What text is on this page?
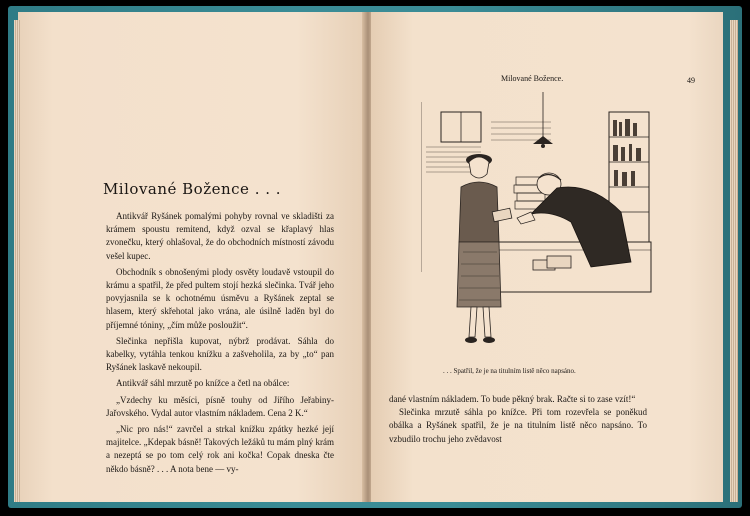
Milované Božence . . .

Antikvář Ryšánek pomalými pohyby rovnal ve skladišti za krámem spoustu remitend, když ozval se křaplavý hlas zvonečku, který ohlašoval, že do obchodních místností závodu vešel kupec.

Obchodník s obnošenými plody osvěty loudavě vstoupil do krámu a spatřil, že před pultem stojí hezká slečinka. Tvář jeho povyjasnila se k ochotnému úsměvu a Ryšánek zeptal se hlasem, který skřehotal jako vrána, ale úsilně laděn byl do příjemné tóniny, „čím může posloužit“.

Slečinka nepřišla kupovat, nýbrž prodávat. Sáhla do kabelky, vytáhla tenkou knížku a zašveholila, za by „to“ pan Ryšánek laskavě nekoupil.

Antikvář sáhl mrzutě po knížce a četl na obálce:

„Vzdechy ku měsíci, písně touhy od Jiřího Jeřabiny-Jařovského. Vydal autor vlastním nákladem. Cena 2 K.“

„Nic pro nás!“ zavrčel a strkal knížku zpátky hezké její majitelce. „Kdepak básně! Takových ležáků tu mám plný krám a nezeptá se po tom celý rok ani kočka! Copak dneska čte někdo básně? . . . A nota bene — vy-

Milované Božence.	49
. . . Spatřil, že je na titulním listě něco napsáno.

dané vlastním nákladem. To bude pěkný brak. Račte si to zase vzít!“

Slečinka mrzutě sáhla po knížce. Při tom rozevřela se poněkud obálka a Ryšánek spatřil, že je na titulním listě něco napsáno. To vzbudilo trochu jeho zvědavost
